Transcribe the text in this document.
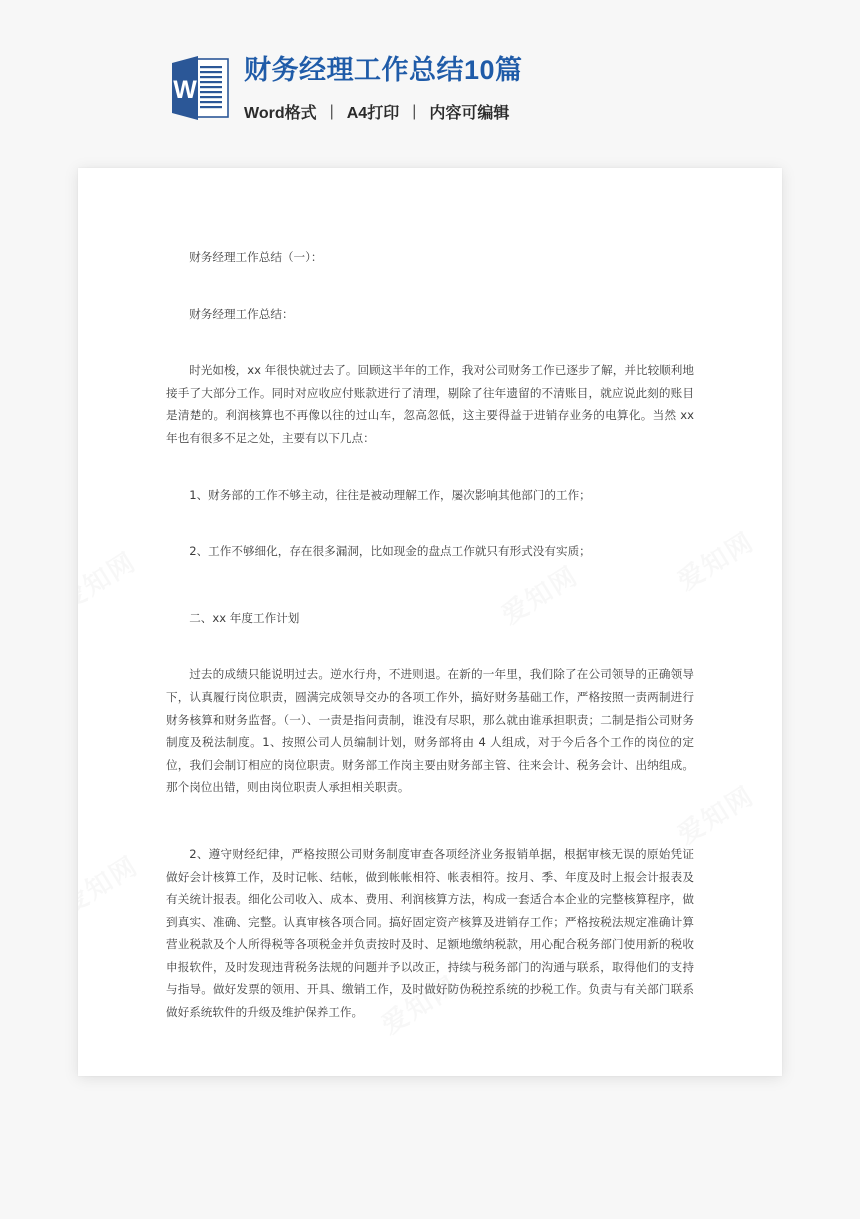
W
财务经理工作总结10篇
Word格式 | A4打印 | 内容可编辑

财务经理工作总结（一）：

财务经理工作总结：

时光如梭，xx 年很快就过去了。回顾这半年的工作，我对公司财务工作已逐步了解，并比较顺利地接手了大部分工作。同时对应收应付账款进行了清理，剔除了往年遗留的不清账目，就应说此刻的账目是清楚的。利润核算也不再像以往的过山车，忽高忽低，这主要得益于进销存业务的电算化。当然 xx 年也有很多不足之处，主要有以下几点：

1、财务部的工作不够主动，往往是被动理解工作，屡次影响其他部门的工作；

2、工作不够细化，存在很多漏洞，比如现金的盘点工作就只有形式没有实质；

二、xx 年度工作计划

过去的成绩只能说明过去。逆水行舟，不进则退。在新的一年里，我们除了在公司领导的正确领导下，认真履行岗位职责，圆满完成领导交办的各项工作外，搞好财务基础工作，严格按照一责两制进行财务核算和财务监督。（一）、一责是指问责制，谁没有尽职，那么就由谁承担职责；二制是指公司财务制度及税法制度。1、按照公司人员编制计划，财务部将由 4 人组成，对于今后各个工作的岗位的定位，我们会制订相应的岗位职责。财务部工作岗主要由财务部主管、往来会计、税务会计、出纳组成。那个岗位出错，则由岗位职责人承担相关职责。

2、遵守财经纪律，严格按照公司财务制度审查各项经济业务报销单据，根据审核无误的原始凭证做好会计核算工作，及时记帐、结帐，做到帐帐相符、帐表相符。按月、季、年度及时上报会计报表及有关统计报表。细化公司收入、成本、费用、利润核算方法，构成一套适合本企业的完整核算程序，做到真实、准确、完整。认真审核各项合同。搞好固定资产核算及进销存工作；严格按税法规定准确计算营业税款及个人所得税等各项税金并负责按时及时、足额地缴纳税款，用心配合税务部门使用新的税收申报软件，及时发现违背税务法规的问题并予以改正，持续与税务部门的沟通与联系，取得他们的支持与指导。做好发票的领用、开具、缴销工作，及时做好防伪税控系统的抄税工作。负责与有关部门联系做好系统软件的升级及维护保养工作。
